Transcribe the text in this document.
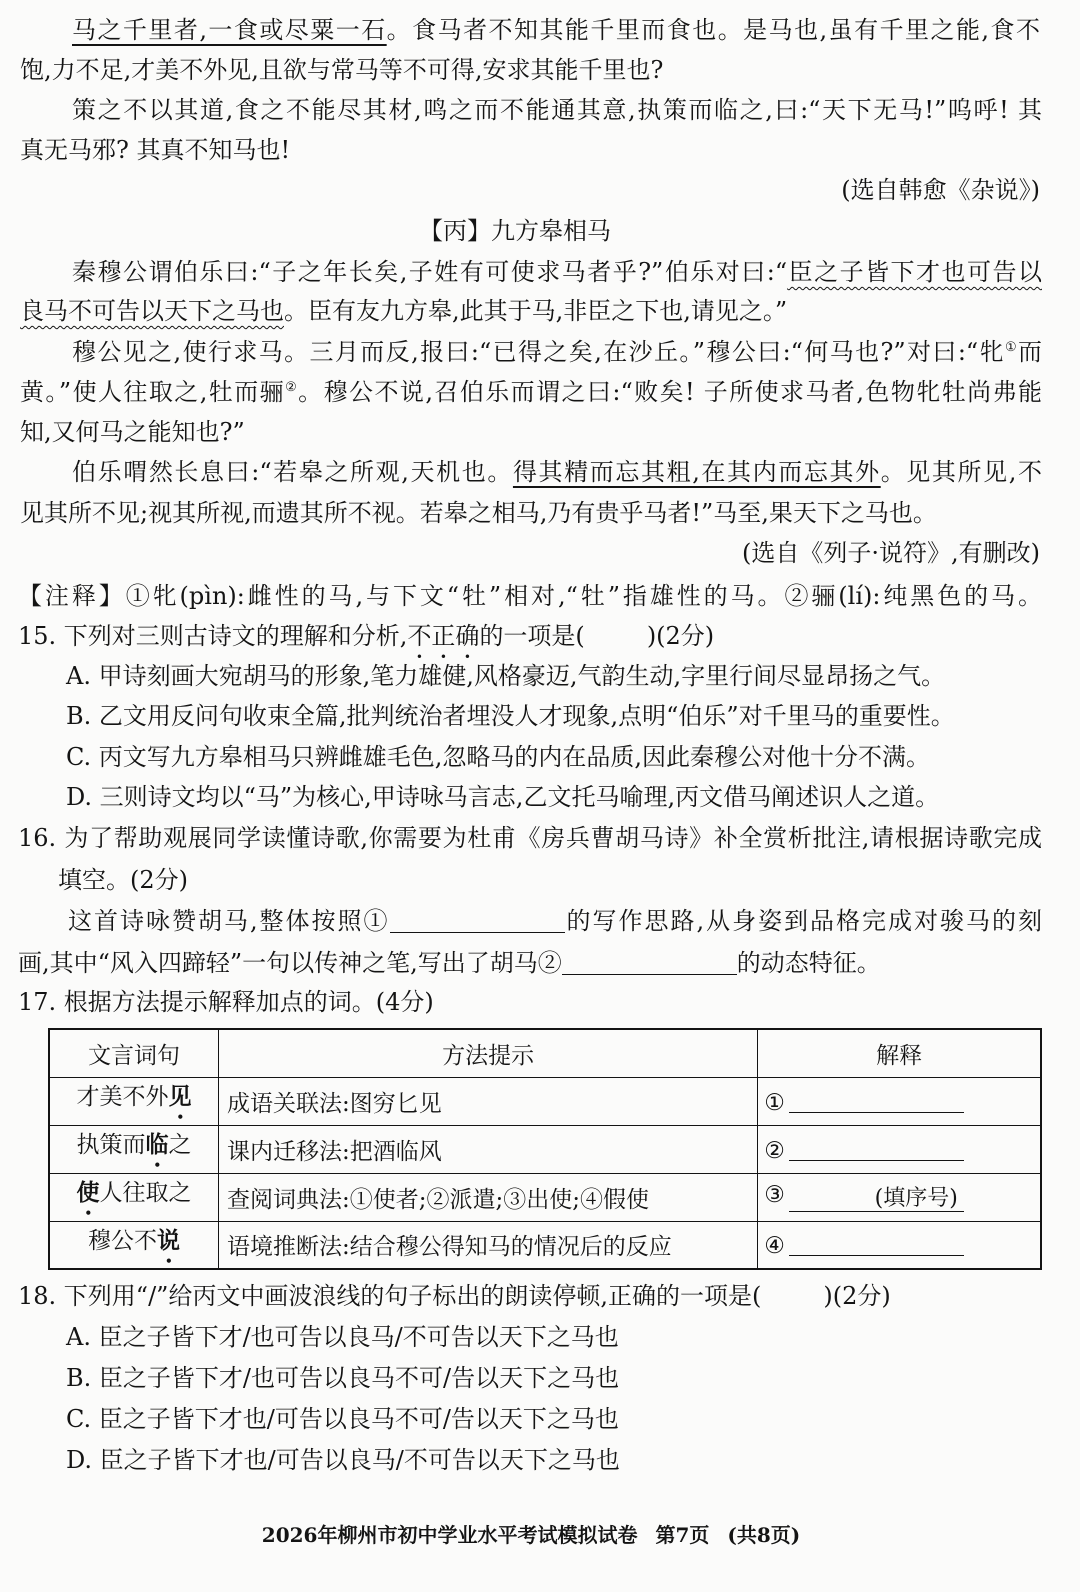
马之千里者,一食或尽粟一石。食马者不知其能千里而食也。是马也,虽有千里之能,食不
饱,力不足,才美不外见,且欲与常马等不可得,安求其能千里也?
策之不以其道,食之不能尽其材,鸣之而不能通其意,执策而临之,曰:“天下无马!”呜呼! 其
真无马邪? 其真不知马也!
(选自韩愈《杂说》)
【丙】九方皋相马
秦穆公谓伯乐曰:“子之年长矣,子姓有可使求马者乎?”伯乐对曰:“臣之子皆下才也可告以
良马不可告以天下之马也。臣有友九方皋,此其于马,非臣之下也,请见之。”
穆公见之,使行求马。三月而反,报曰:“已得之矣,在沙丘。”穆公曰:“何马也?”对曰:“牝①而
黄。”使人往取之,牡而骊②。穆公不说,召伯乐而谓之曰:“败矣! 子所使求马者,色物牝牡尚弗能
知,又何马之能知也?”
伯乐喟然长息曰:“若皋之所观,天机也。得其精而忘其粗,在其内而忘其外。见其所见,不
见其所不见;视其所视,而遗其所不视。若皋之相马,乃有贵乎马者!”马至,果天下之马也。
(选自《列子·说符》,有删改)
【注释】①牝(pìn):雌性的马,与下文“牡”相对,“牡”指雄性的马。②骊(lí):纯黑色的马。
15. 下列对三则古诗文的理解和分析,不正确的一项是(	)(2分)
A. 甲诗刻画大宛胡马的形象,笔力雄健,风格豪迈,气韵生动,字里行间尽显昂扬之气。
B. 乙文用反问句收束全篇,批判统治者埋没人才现象,点明“伯乐”对千里马的重要性。
C. 丙文写九方皋相马只辨雌雄毛色,忽略马的内在品质,因此秦穆公对他十分不满。
D. 三则诗文均以“马”为核心,甲诗咏马言志,乙文托马喻理,丙文借马阐述识人之道。
16. 为了帮助观展同学读懂诗歌,你需要为杜甫《房兵曹胡马诗》补全赏析批注,请根据诗歌完成
填空。(2分)
这首诗咏赞胡马,整体按照①	的写作思路,从身姿到品格完成对骏马的刻
画,其中“风入四蹄轻”一句以传神之笔,写出了胡马②	的动态特征。
17. 根据方法提示解释加点的词。(4分)
文言词句	方法提示	解释
才美不外见	成语关联法:图穷匕见	①
执策而临之	课内迁移法:把酒临风	②
使人往取之	查阅词典法:①使者;②派遣;③出使;④假使	③ (填序号)
穆公不说	语境推断法:结合穆公得知马的情况后的反应	④
18. 下列用“/”给丙文中画波浪线的句子标出的朗读停顿,正确的一项是(	)(2分)
A. 臣之子皆下才/也可告以良马/不可告以天下之马也
B. 臣之子皆下才/也可告以良马不可/告以天下之马也
C. 臣之子皆下才也/可告以良马不可/告以天下之马也
D. 臣之子皆下才也/可告以良马/不可告以天下之马也
2026年柳州市初中学业水平考试模拟试卷 第7页 (共8页)
